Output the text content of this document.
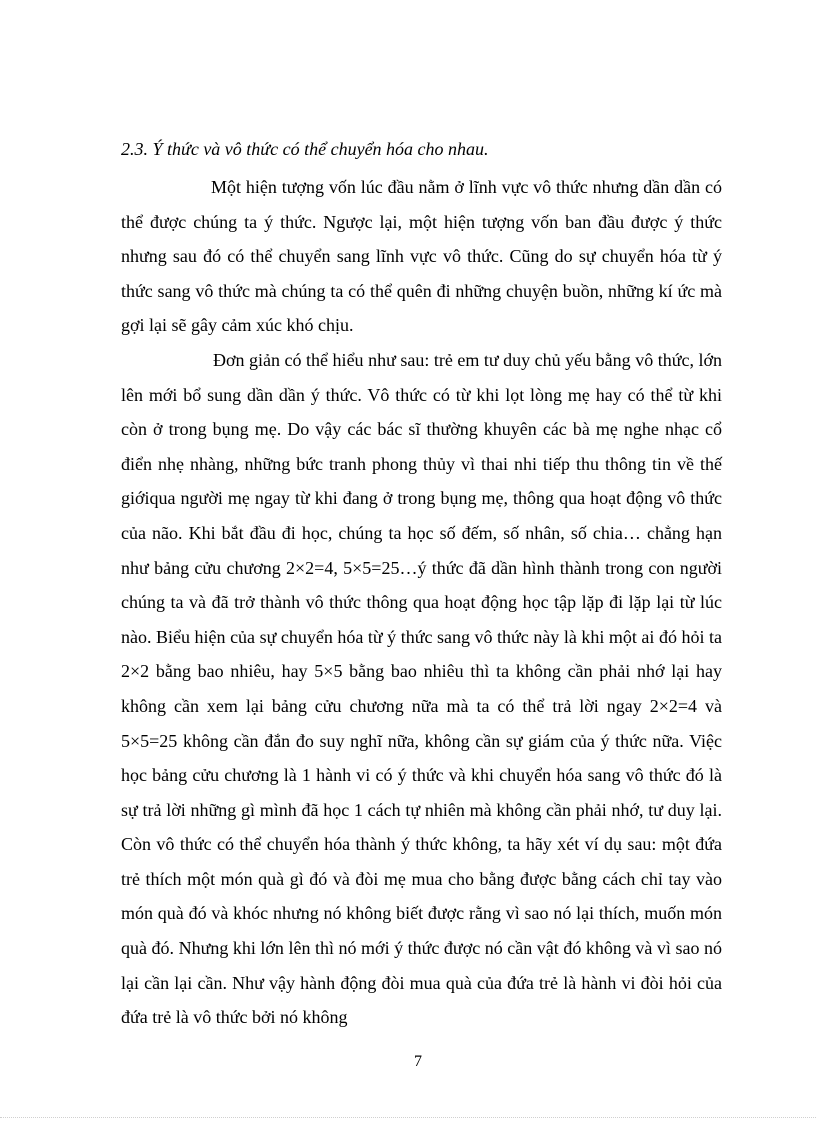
2.3. Ý thức và vô thức có thể chuyển hóa cho nhau.

Một hiện tượng vốn lúc đầu nằm ở lĩnh vực vô thức nhưng dần dần có thể được chúng ta ý thức. Ngược lại, một hiện tượng vốn ban đầu được ý thức nhưng sau đó có thể chuyển sang lĩnh vực vô thức. Cũng do sự chuyển hóa từ ý thức sang vô thức mà chúng ta có thể quên đi những chuyện buồn, những kí ức mà gợi lại sẽ gây cảm xúc khó chịu.

Đơn giản có thể hiểu như sau: trẻ em tư duy chủ yếu bằng vô thức, lớn lên mới bổ sung dần dần ý thức. Vô thức có từ khi lọt lòng mẹ hay có thể từ khi còn ở trong bụng mẹ. Do vậy các bác sĩ thường khuyên các bà mẹ nghe nhạc cổ điển nhẹ nhàng, những bức tranh phong thủy vì thai nhi tiếp thu thông tin về thế giớiqua người mẹ ngay từ khi đang ở trong bụng mẹ, thông qua hoạt động vô thức của não. Khi bắt đầu đi học, chúng ta học số đếm, số nhân, số chia… chẳng hạn như bảng cửu chương 2×2=4, 5×5=25…ý thức đã dần hình thành trong con người chúng ta và đã trở thành vô thức thông qua hoạt động học tập lặp đi lặp lại từ lúc nào. Biểu hiện của sự chuyển hóa từ ý thức sang vô thức này là khi một ai đó hỏi ta 2×2 bằng bao nhiêu, hay 5×5 bằng bao nhiêu thì ta không cần phải nhớ lại hay không cần xem lại bảng cửu chương nữa mà ta có thể trả lời ngay 2×2=4 và 5×5=25 không cần đắn đo suy nghĩ nữa, không cần sự giám của ý thức nữa. Việc học bảng cửu chương là 1 hành vi có ý thức và khi chuyển hóa sang vô thức đó là sự trả lời những gì mình đã học 1 cách tự nhiên mà không cần phải nhớ, tư duy lại. Còn vô thức có thể chuyển hóa thành ý thức không, ta hãy xét ví dụ sau: một đứa trẻ thích một món quà gì đó và đòi mẹ mua cho bằng được bằng cách chỉ tay vào món quà đó và khóc nhưng nó không biết được rằng vì sao nó lại thích, muốn món quà đó. Nhưng khi lớn lên thì nó mới ý thức được nó cần vật đó không và vì sao nó lại cần lại cần. Như vậy hành động đòi mua quà của đứa trẻ là hành vi đòi hỏi của đứa trẻ là vô thức bởi nó không

7
